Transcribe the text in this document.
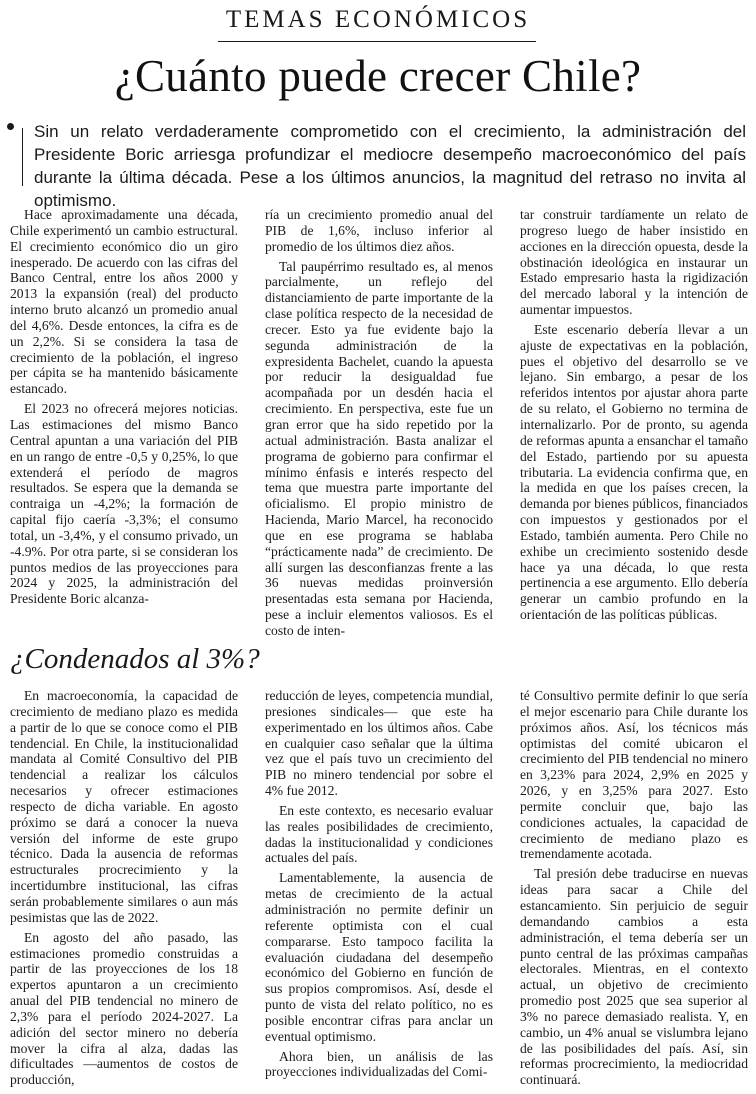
TEMAS ECONÓMICOS
¿Cuánto puede crecer Chile?
Sin un relato verdaderamente comprometido con el crecimiento, la administración del Presidente Boric arriesga profundizar el mediocre desempeño macroeconómico del país durante la última década. Pese a los últimos anuncios, la magnitud del retraso no invita al optimismo.

Hace aproximadamente una década, Chile experimentó un cambio estructural. El crecimiento económico dio un giro inesperado. De acuerdo con las cifras del Banco Central, entre los años 2000 y 2013 la expansión (real) del producto interno bruto alcanzó un promedio anual del 4,6%. Desde entonces, la cifra es de un 2,2%. Si se considera la tasa de crecimiento de la población, el ingreso per cápita se ha mantenido básicamente estancado.

El 2023 no ofrecerá mejores noticias. Las estimaciones del mismo Banco Central apuntan a una variación del PIB en un rango de entre -0,5 y 0,25%, lo que extenderá el período de magros resultados. Se espera que la demanda se contraiga un -4,2%; la formación de capital fijo caería -3,3%; el consumo total, un -3,4%, y el consumo privado, un -4.9%. Por otra parte, si se consideran los puntos medios de las proyecciones para 2024 y 2025, la administración del Presidente Boric alcanza-

ría un crecimiento promedio anual del PIB de 1,6%, incluso inferior al promedio de los últimos diez años.

Tal paupérrimo resultado es, al menos parcialmente, un reflejo del distanciamiento de parte importante de la clase política respecto de la necesidad de crecer. Esto ya fue evidente bajo la segunda administración de la expresidenta Bachelet, cuando la apuesta por reducir la desigualdad fue acompañada por un desdén hacia el crecimiento. En perspectiva, este fue un gran error que ha sido repetido por la actual administración. Basta analizar el programa de gobierno para confirmar el mínimo énfasis e interés respecto del tema que muestra parte importante del oficialismo. El propio ministro de Hacienda, Mario Marcel, ha reconocido que en ese programa se hablaba “prácticamente nada” de crecimiento. De allí surgen las desconfianzas frente a las 36 nuevas medidas proinversión presentadas esta semana por Hacienda, pese a incluir elementos valiosos. Es el costo de inten-

tar construir tardíamente un relato de progreso luego de haber insistido en acciones en la dirección opuesta, desde la obstinación ideológica en instaurar un Estado empresario hasta la rigidización del mercado laboral y la intención de aumentar impuestos.

Este escenario debería llevar a un ajuste de expectativas en la población, pues el objetivo del desarrollo se ve lejano. Sin embargo, a pesar de los referidos intentos por ajustar ahora parte de su relato, el Gobierno no termina de internalizarlo. Por de pronto, su agenda de reformas apunta a ensanchar el tamaño del Estado, partiendo por su apuesta tributaria. La evidencia confirma que, en la medida en que los países crecen, la demanda por bienes públicos, financiados con impuestos y gestionados por el Estado, también aumenta. Pero Chile no exhibe un crecimiento sostenido desde hace ya una década, lo que resta pertinencia a ese argumento. Ello debería generar un cambio profundo en la orientación de las políticas públicas.

¿Condenados al 3%?

En macroeconomía, la capacidad de crecimiento de mediano plazo es medida a partir de lo que se conoce como el PIB tendencial. En Chile, la institucionalidad mandata al Comité Consultivo del PIB tendencial a realizar los cálculos necesarios y ofrecer estimaciones respecto de dicha variable. En agosto próximo se dará a conocer la nueva versión del informe de este grupo técnico. Dada la ausencia de reformas estructurales procrecimiento y la incertidumbre institucional, las cifras serán probablemente similares o aun más pesimistas que las de 2022.

En agosto del año pasado, las estimaciones promedio construidas a partir de las proyecciones de los 18 expertos apuntaron a un crecimiento anual del PIB tendencial no minero de 2,3% para el período 2024-2027. La adición del sector minero no debería mover la cifra al alza, dadas las dificultades —aumentos de costos de producción,

reducción de leyes, competencia mundial, presiones sindicales— que este ha experimentado en los últimos años. Cabe en cualquier caso señalar que la última vez que el país tuvo un crecimiento del PIB no minero tendencial por sobre el 4% fue 2012.

En este contexto, es necesario evaluar las reales posibilidades de crecimiento, dadas la institucionalidad y condiciones actuales del país.

Lamentablemente, la ausencia de metas de crecimiento de la actual administración no permite definir un referente optimista con el cual compararse. Esto tampoco facilita la evaluación ciudadana del desempeño económico del Gobierno en función de sus propios compromisos. Así, desde el punto de vista del relato político, no es posible encontrar cifras para anclar un eventual optimismo.

Ahora bien, un análisis de las proyecciones individualizadas del Comi-

té Consultivo permite definir lo que sería el mejor escenario para Chile durante los próximos años. Así, los técnicos más optimistas del comité ubicaron el crecimiento del PIB tendencial no minero en 3,23% para 2024, 2,9% en 2025 y 2026, y en 3,25% para 2027. Esto permite concluir que, bajo las condiciones actuales, la capacidad de crecimiento de mediano plazo es tremendamente acotada.

Tal presión debe traducirse en nuevas ideas para sacar a Chile del estancamiento. Sin perjuicio de seguir demandando cambios a esta administración, el tema debería ser un punto central de las próximas campañas electorales. Mientras, en el contexto actual, un objetivo de crecimiento promedio post 2025 que sea superior al 3% no parece demasiado realista. Y, en cambio, un 4% anual se vislumbra lejano de las posibilidades del país. Así, sin reformas procrecimiento, la mediocridad continuará.
